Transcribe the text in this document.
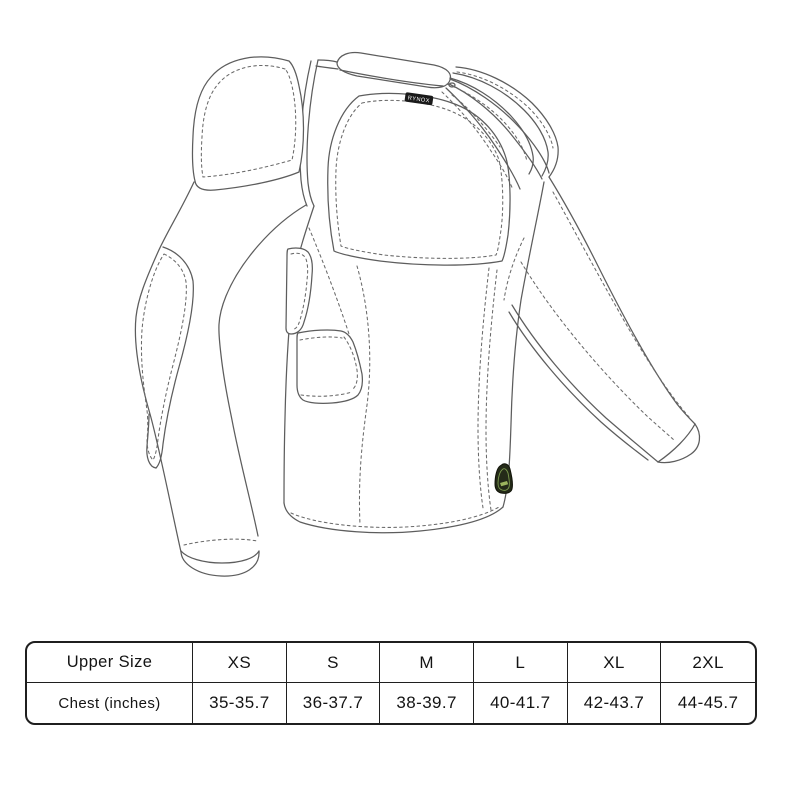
RYNOX
Upper Size	XS	S	M	L	XL	2XL
Chest (inches)	35-35.7	36-37.7	38-39.7	40-41.7	42-43.7	44-45.7
